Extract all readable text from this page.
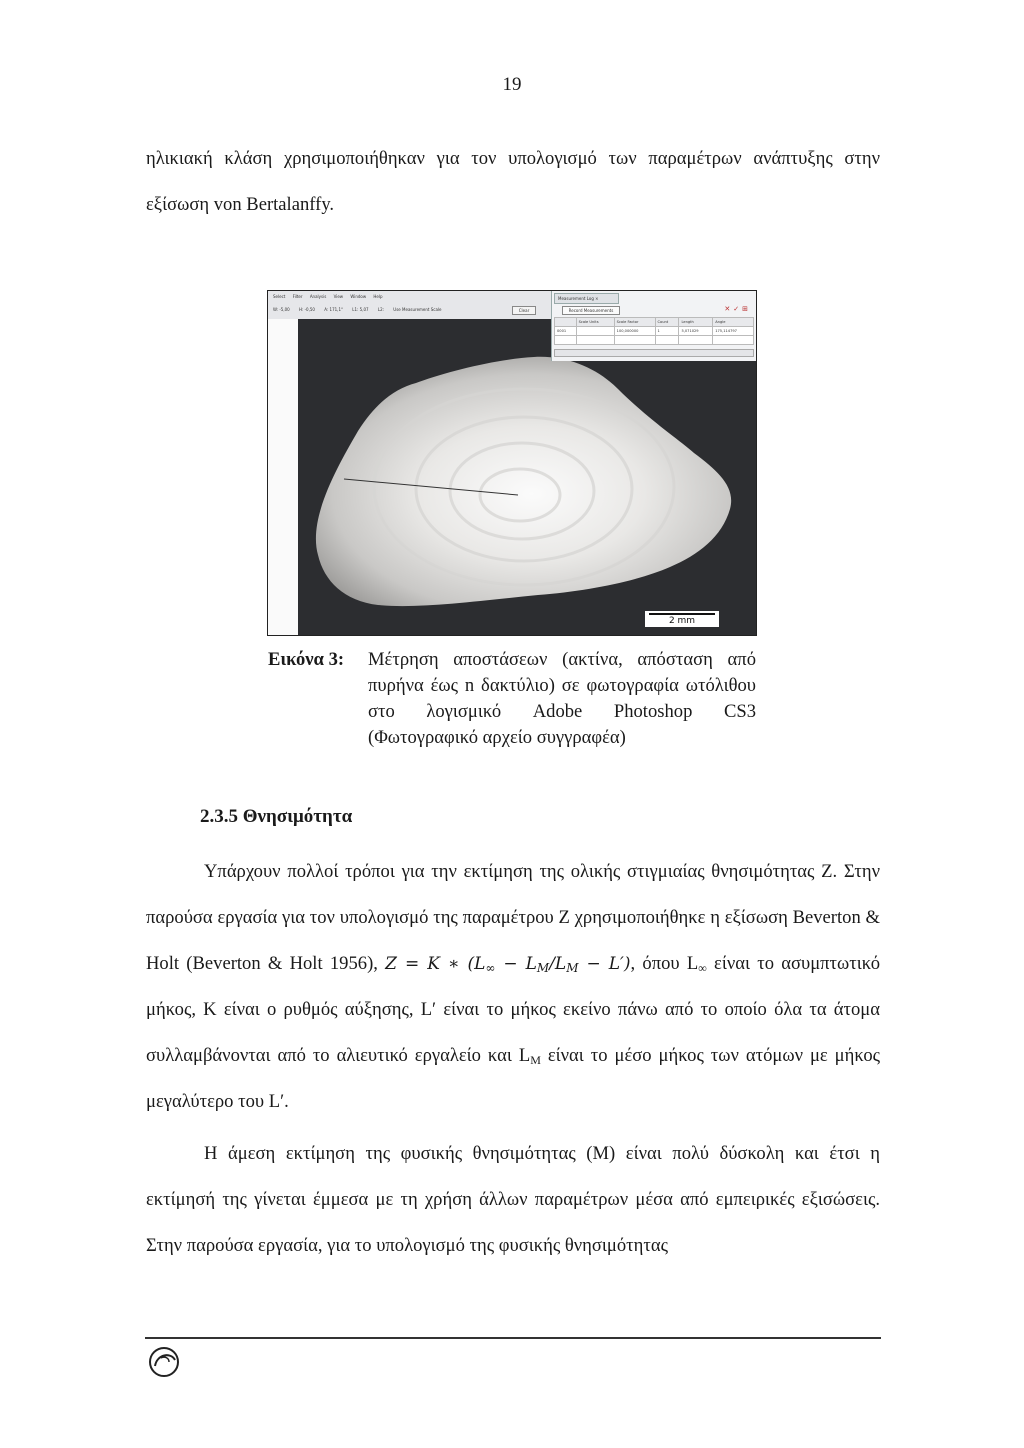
19

ηλικιακή κλάση χρησιμοποιήθηκαν για τον υπολογισμό των παραμέτρων ανάπτυξης στην εξίσωση von Bertalanffy.

Select Filter Analysis View Window Help
W: -5,00 H: -0,50 A: 171,1° L1: 5,07 L2: Use Measurement Scale	Clear
Measurement Log ×
Record Measurements	✕✓⊞
	Scale Units	Scale Factor	Count	Length	Angle
0001		100,000000	1	5,071029	175,114797

2 mm
Εικόνα 3: Μέτρηση αποστάσεων (ακτίνα, απόσταση από
πυρήνα έως n δακτύλιο) σε φωτογραφία ωτόλιθου
στο λογισμικό Adobe Photoshop CS3
(Φωτογραφικό αρχείο συγγραφέα)
2.3.5 Θνησιμότητα

Υπάρχουν πολλοί τρόποι για την εκτίμηση της ολικής στιγμιαίας θνησιμότητας Ζ. Στην παρούσα εργασία για τον υπολογισμό της παραμέτρου Ζ χρησιμοποιήθηκε η εξίσωση Beverton & Holt (Beverton & Holt 1956), Z = K ∗ $(L_\infty - L_M/L_M - L')$, όπου $L_\infty$ είναι το ασυμπτωτικό μήκος, K είναι ο ρυθμός αύξησης, L′ είναι το μήκος εκείνο πάνω από το οποίο όλα τα άτομα συλλαμβάνονται από το αλιευτικό εργαλείο και $L_M$ είναι το μέσο μήκος των ατόμων με μήκος μεγαλύτερο του L′.

Η άμεση εκτίμηση της φυσικής θνησιμότητας (Μ) είναι πολύ δύσκολη και έτσι η εκτίμησή της γίνεται έμμεσα με τη χρήση άλλων παραμέτρων μέσα από εμπειρικές εξισώσεις. Στην παρούσα εργασία, για το υπολογισμό της φυσικής θνησιμότητας
